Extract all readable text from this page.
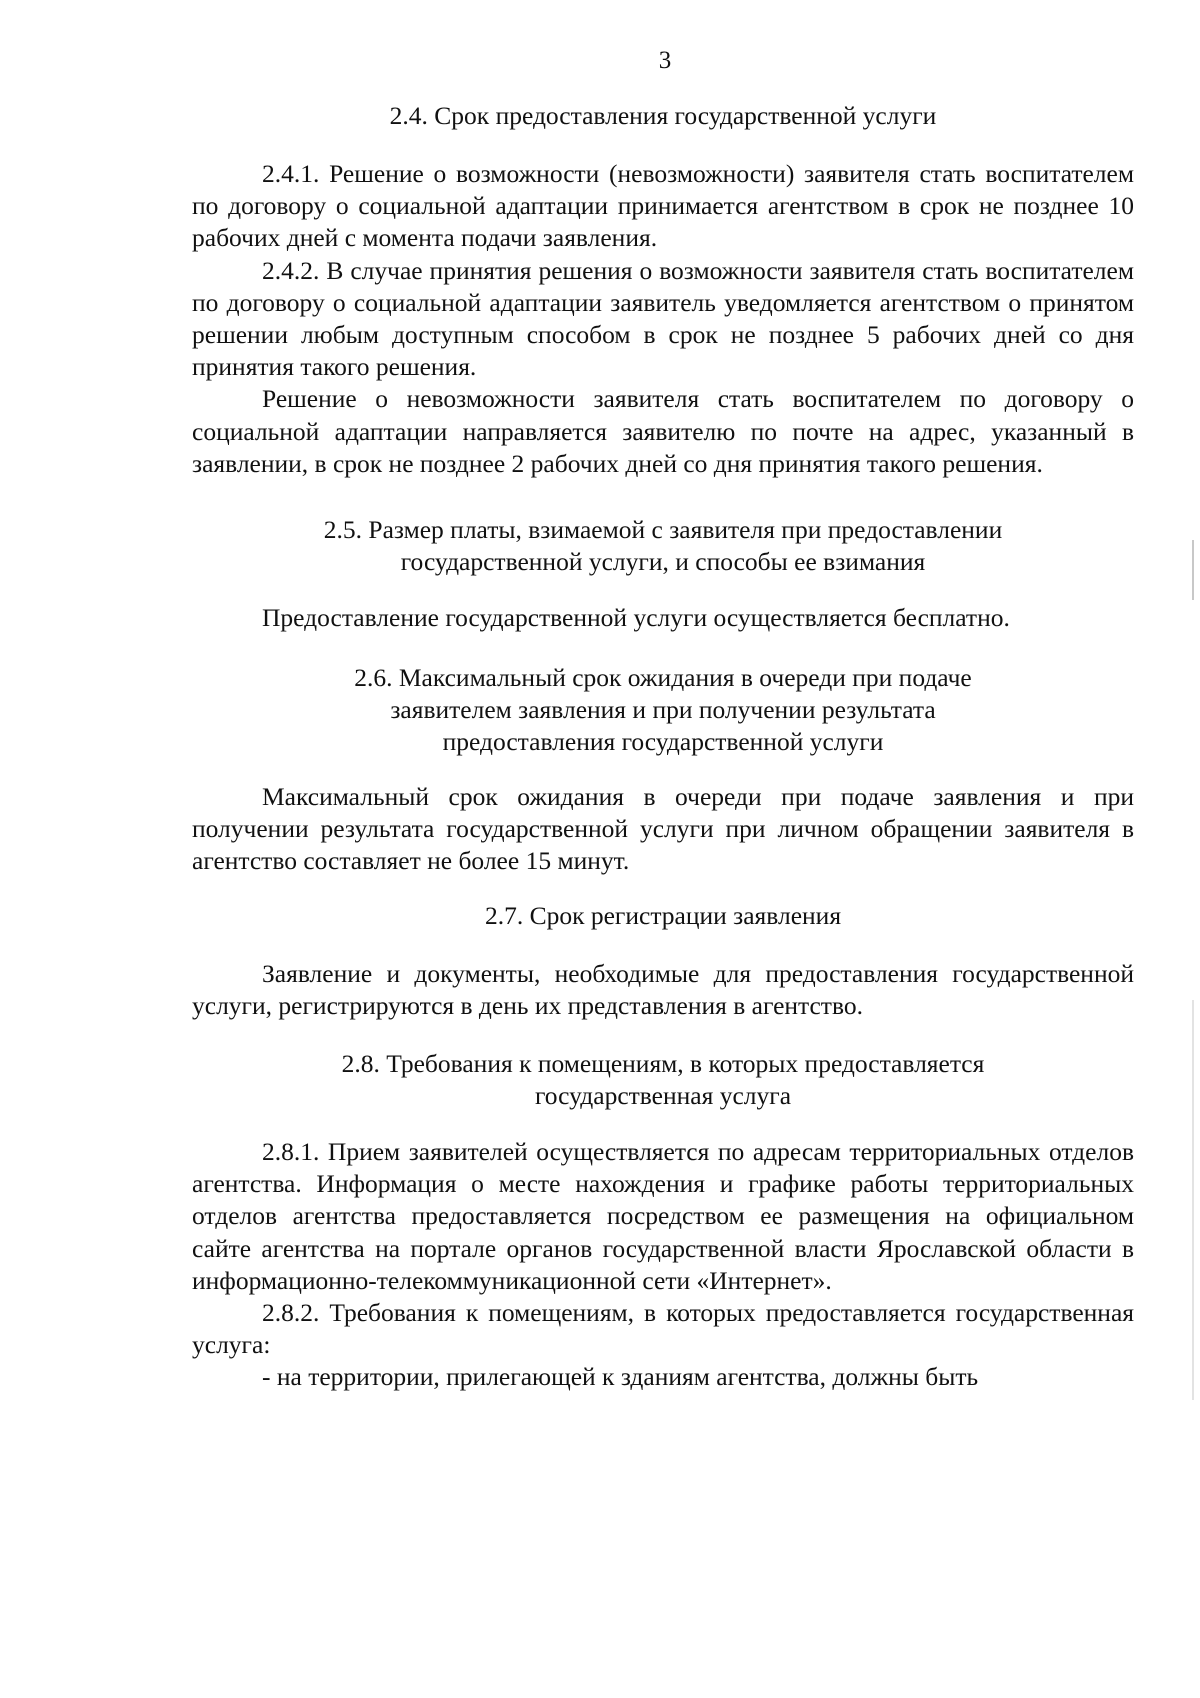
3
2.4. Срок предоставления государственной услуги

2.4.1. Решение о возможности (невозможности) заявителя стать воспитателем по договору о социальной адаптации принимается агентством в срок не позднее 10 рабочих дней с момента подачи заявления.

2.4.2. В случае принятия решения о возможности заявителя стать воспитателем по договору о социальной адаптации заявитель уведомляется агентством о принятом решении любым доступным способом в срок не позднее 5 рабочих дней со дня принятия такого решения.

Решение о невозможности заявителя стать воспитателем по договору о социальной адаптации направляется заявителю по почте на адрес, указанный в заявлении, в срок не позднее 2 рабочих дней со дня принятия такого решения.

2.5. Размер платы, взимаемой с заявителя при предоставлении
государственной услуги, и способы ее взимания

Предоставление государственной услуги осуществляется бесплатно.

2.6. Максимальный срок ожидания в очереди при подаче
заявителем заявления и при получении результата
предоставления государственной услуги

Максимальный срок ожидания в очереди при подаче заявления и при получении результата государственной услуги при личном обращении заявителя в агентство составляет не более 15 минут.

2.7. Срок регистрации заявления

Заявление и документы, необходимые для предоставления государственной услуги, регистрируются в день их представления в агентство.

2.8. Требования к помещениям, в которых предоставляется
государственная услуга

2.8.1. Прием заявителей осуществляется по адресам территориальных отделов агентства. Информация о месте нахождения и графике работы территориальных отделов агентства предоставляется посредством ее размещения на официальном сайте агентства на портале органов государственной власти Ярославской области в информационно-телекоммуникационной сети «Интернет».

2.8.2. Требования к помещениям, в которых предоставляется государственная услуга:

- на территории, прилегающей к зданиям агентства, должны быть
